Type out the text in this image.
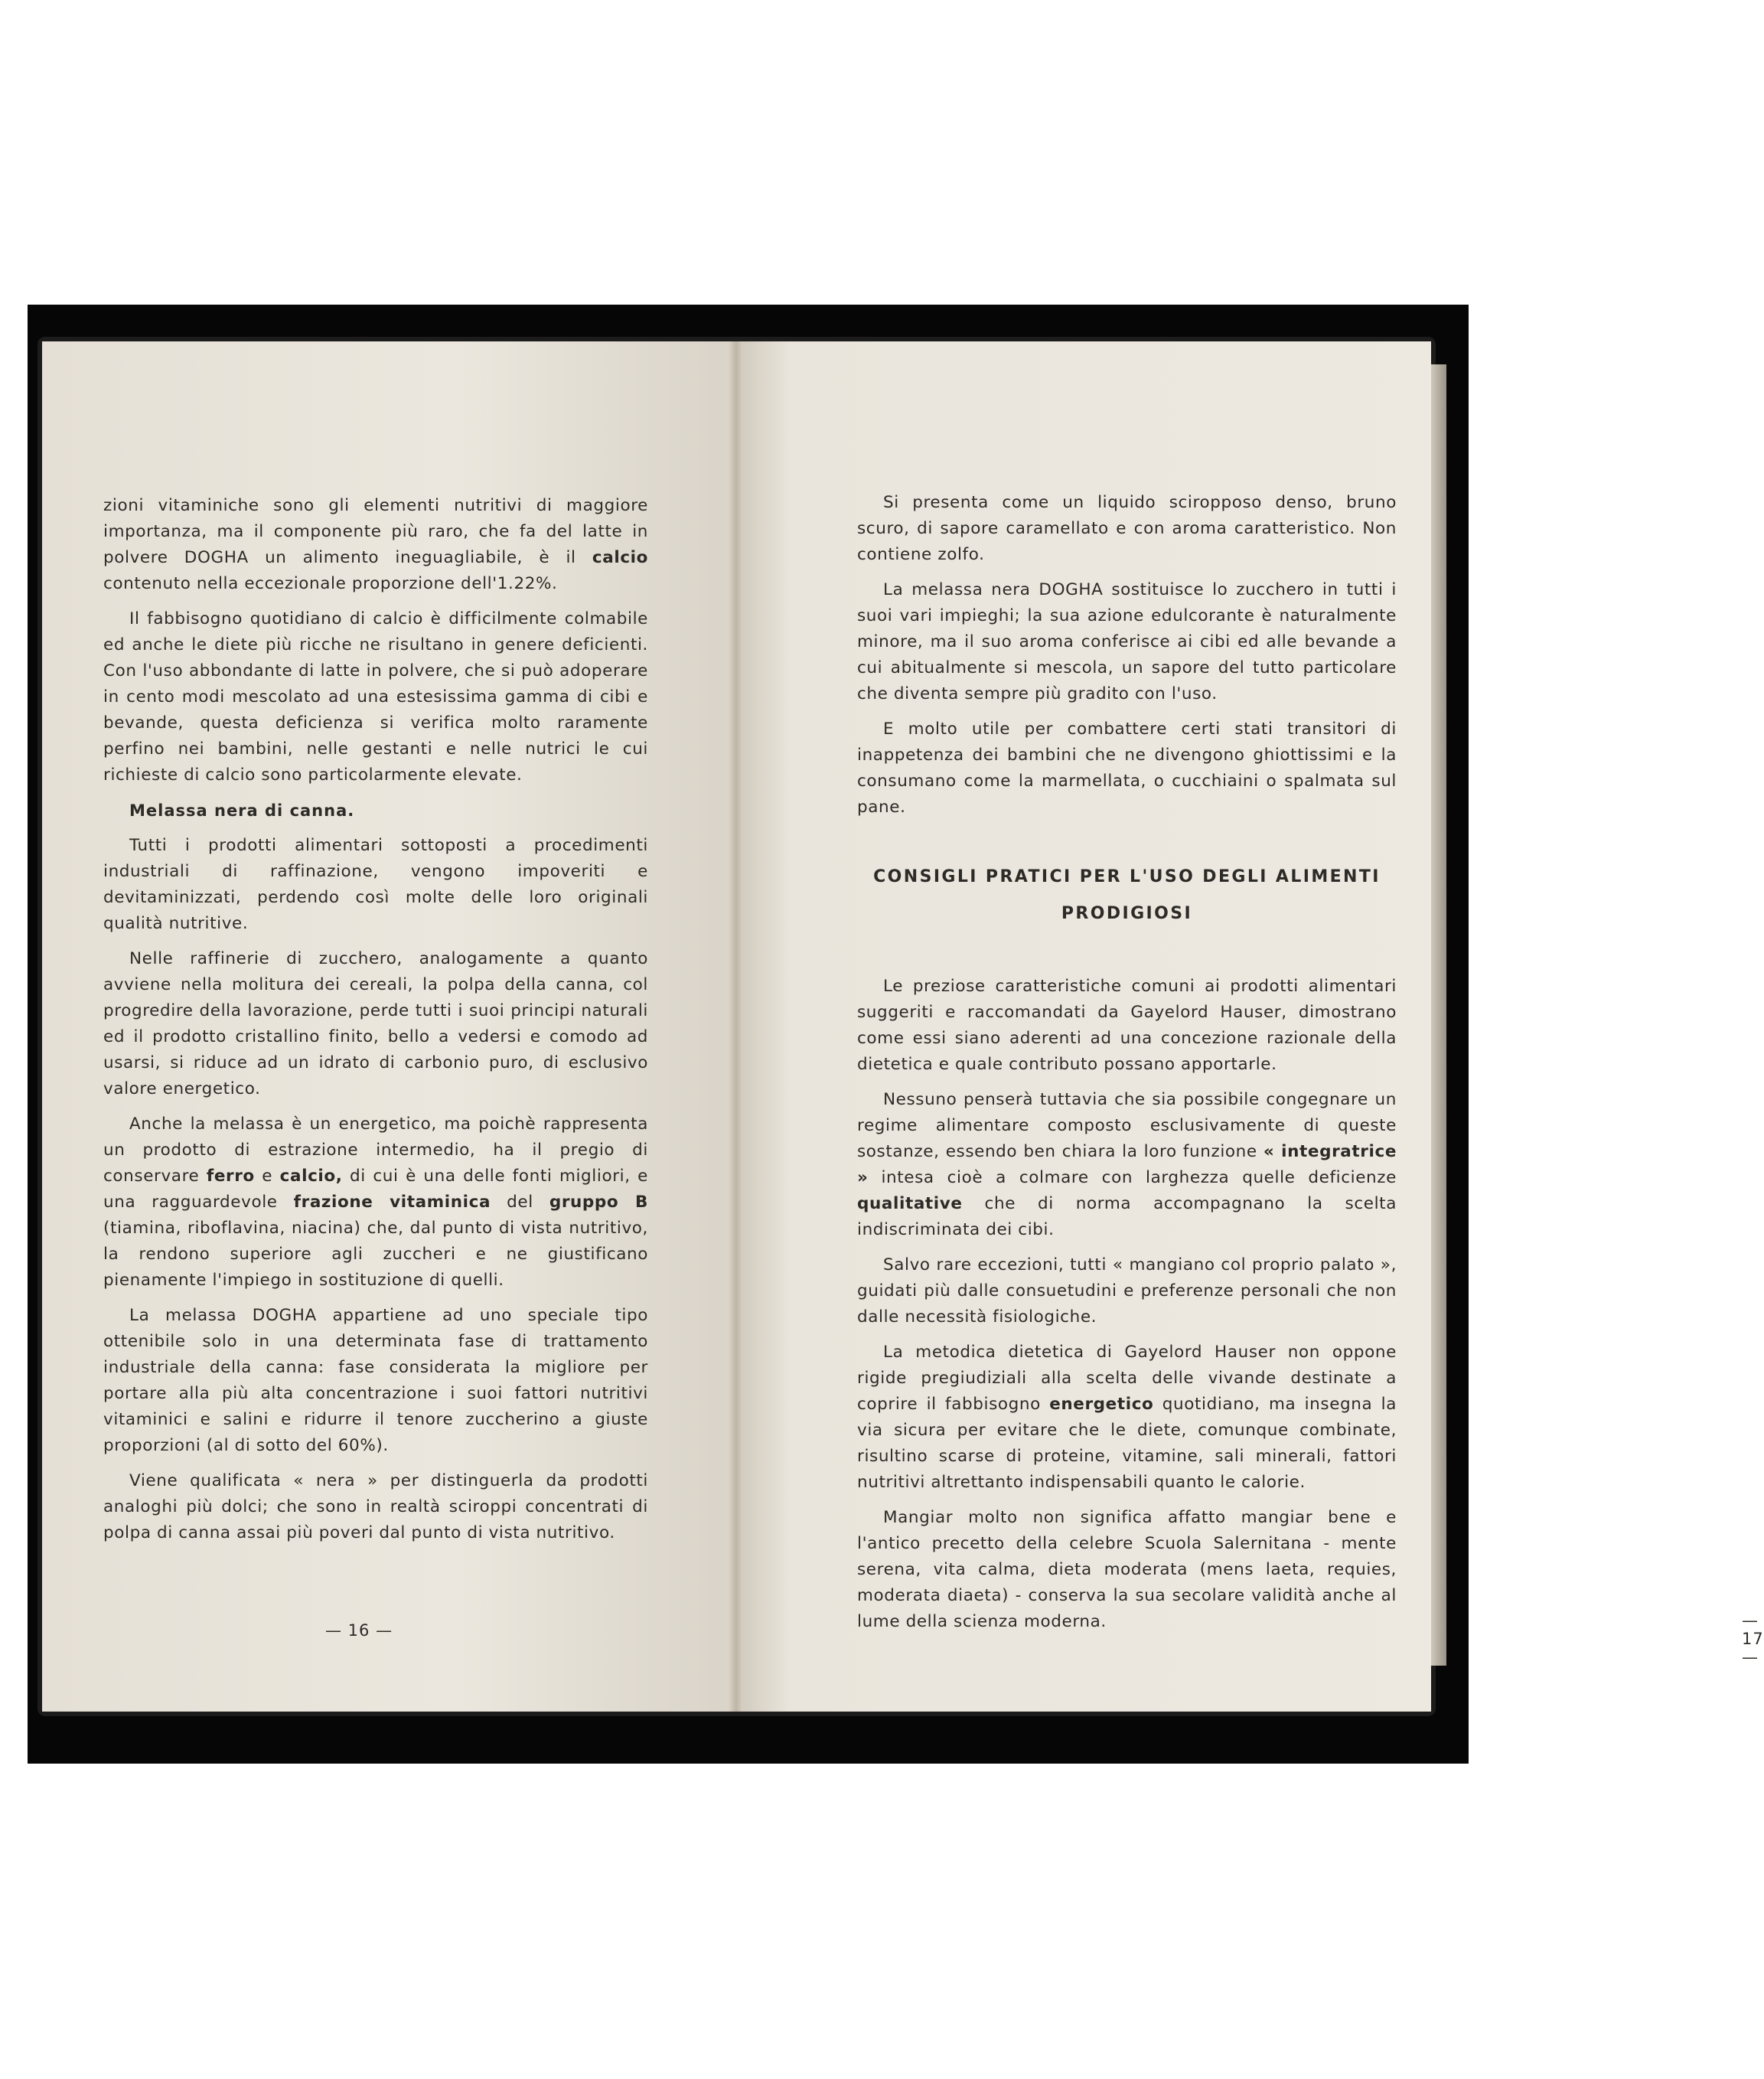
zioni vitaminiche sono gli elementi nutritivi di maggiore importanza, ma il componente più raro, che fa del latte in polvere DOGHA un alimento ineguagliabile, è il calcio contenuto nella eccezionale proporzione dell'1.22%.

Il fabbisogno quotidiano di calcio è difficilmente colmabile ed anche le diete più ricche ne risultano in genere deficienti. Con l'uso abbondante di latte in polvere, che si può adoperare in cento modi mescolato ad una estesissima gamma di cibi e bevande, questa deficienza si verifica molto raramente perfino nei bambini, nelle gestanti e nelle nutrici le cui richieste di calcio sono particolarmente elevate.

Melassa nera di canna.

Tutti i prodotti alimentari sottoposti a procedimenti industriali di raffinazione, vengono impoveriti e devitaminizzati, perdendo così molte delle loro originali qualità nutritive.

Nelle raffinerie di zucchero, analogamente a quanto avviene nella molitura dei cereali, la polpa della canna, col progredire della lavorazione, perde tutti i suoi principi naturali ed il prodotto cristallino finito, bello a vedersi e comodo ad usarsi, si riduce ad un idrato di carbonio puro, di esclusivo valore energetico.

Anche la melassa è un energetico, ma poichè rappresenta un prodotto di estrazione intermedio, ha il pregio di conservare ferro e calcio, di cui è una delle fonti migliori, e una ragguardevole frazione vitaminica del gruppo B (tiamina, riboflavina, niacina) che, dal punto di vista nutritivo, la rendono superiore agli zuccheri e ne giustificano pienamente l'impiego in sostituzione di quelli.

La melassa DOGHA appartiene ad uno speciale tipo ottenibile solo in una determinata fase di trattamento industriale della canna: fase considerata la migliore per portare alla più alta concentrazione i suoi fattori nutritivi vitaminici e salini e ridurre il tenore zuccherino a giuste proporzioni (al di sotto del 60%).

Viene qualificata « nera » per distinguerla da prodotti analoghi più dolci; che sono in realtà sciroppi concentrati di polpa di canna assai più poveri dal punto di vista nutritivo.

— 16 —

Si presenta come un liquido sciropposo denso, bruno scuro, di sapore caramellato e con aroma caratteristico. Non contiene zolfo.

La melassa nera DOGHA sostituisce lo zucchero in tutti i suoi vari impieghi; la sua azione edulcorante è naturalmente minore, ma il suo aroma conferisce ai cibi ed alle bevande a cui abitualmente si mescola, un sapore del tutto particolare che diventa sempre più gradito con l'uso.

E molto utile per combattere certi stati transitori di inappetenza dei bambini che ne divengono ghiottissimi e la consumano come la marmellata, o cucchiaini o spalmata sul pane.

CONSIGLI PRATICI PER L'USO DEGLI ALIMENTI
PRODIGIOSI

Le preziose caratteristiche comuni ai prodotti alimentari suggeriti e raccomandati da Gayelord Hauser, dimostrano come essi siano aderenti ad una concezione razionale della dietetica e quale contributo possano apportarle.

Nessuno penserà tuttavia che sia possibile congegnare un regime alimentare composto esclusivamente di queste sostanze, essendo ben chiara la loro funzione « integratrice » intesa cioè a colmare con larghezza quelle deficienze qualitative che di norma accompagnano la scelta indiscriminata dei cibi.

Salvo rare eccezioni, tutti « mangiano col proprio palato », guidati più dalle consuetudini e preferenze personali che non dalle necessità fisiologiche.

La metodica dietetica di Gayelord Hauser non oppone rigide pregiudiziali alla scelta delle vivande destinate a coprire il fabbisogno energetico quotidiano, ma insegna la via sicura per evitare che le diete, comunque combinate, risultino scarse di proteine, vitamine, sali minerali, fattori nutritivi altrettanto indispensabili quanto le calorie.

Mangiar molto non significa affatto mangiar bene e l'antico precetto della celebre Scuola Salernitana - mente serena, vita calma, dieta moderata (mens laeta, requies, moderata diaeta) - conserva la sua secolare validità anche al lume della scienza moderna.	— 17 —
